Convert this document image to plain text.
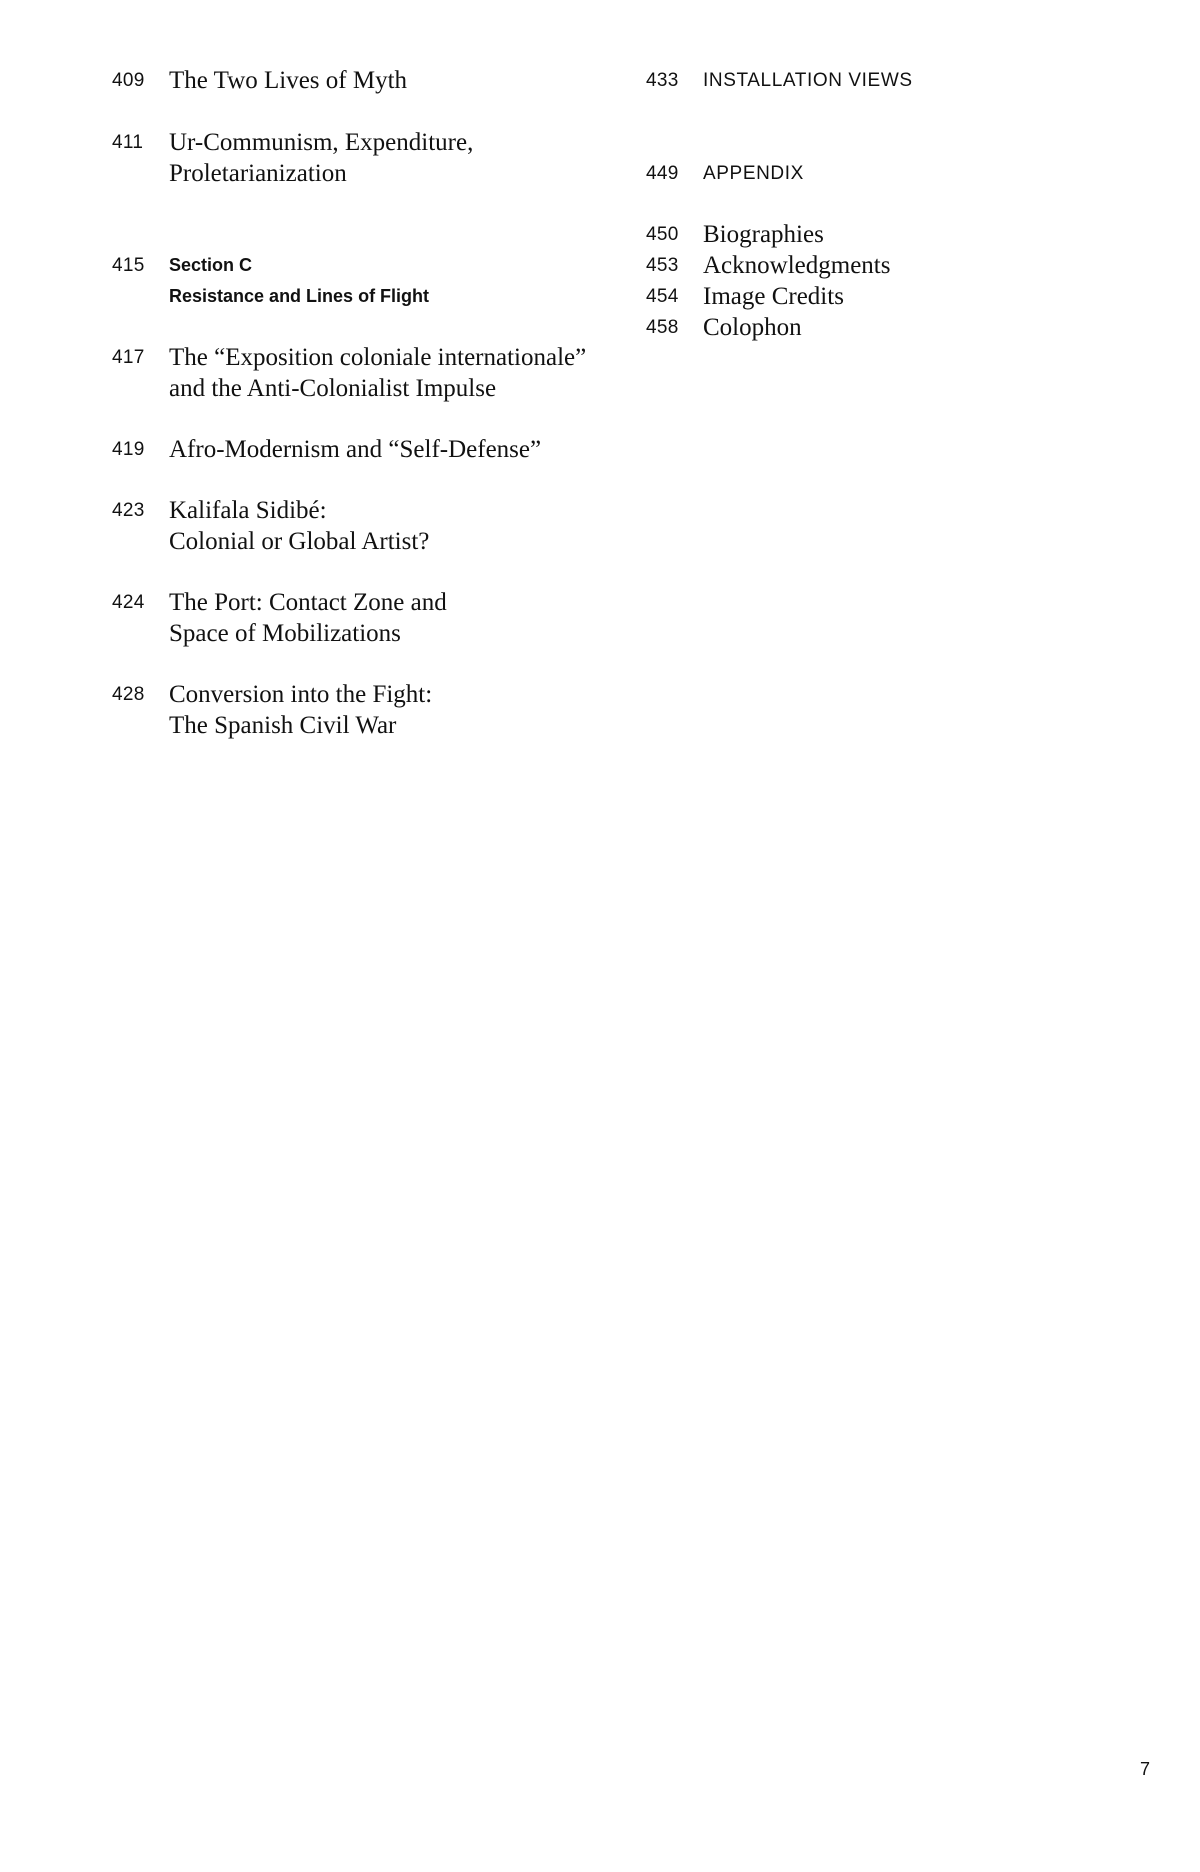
409 The Two Lives of Myth
411 Ur-Communism, Expenditure,
Proletarianization
415 Section C
Resistance and Lines of Flight
417 The “Exposition coloniale internationale”
and the Anti-Colonialist Impulse
419 Afro-Modernism and “Self-Defense”
423 Kalifala Sidibé:
Colonial or Global Artist?
424 The Port: Contact Zone and
Space of Mobilizations
428 Conversion into the Fight:
The Spanish Civil War
433 INSTALLATION VIEWS
449 APPENDIX
450 Biographies
453 Acknowledgments
454 Image Credits
458 Colophon
7
